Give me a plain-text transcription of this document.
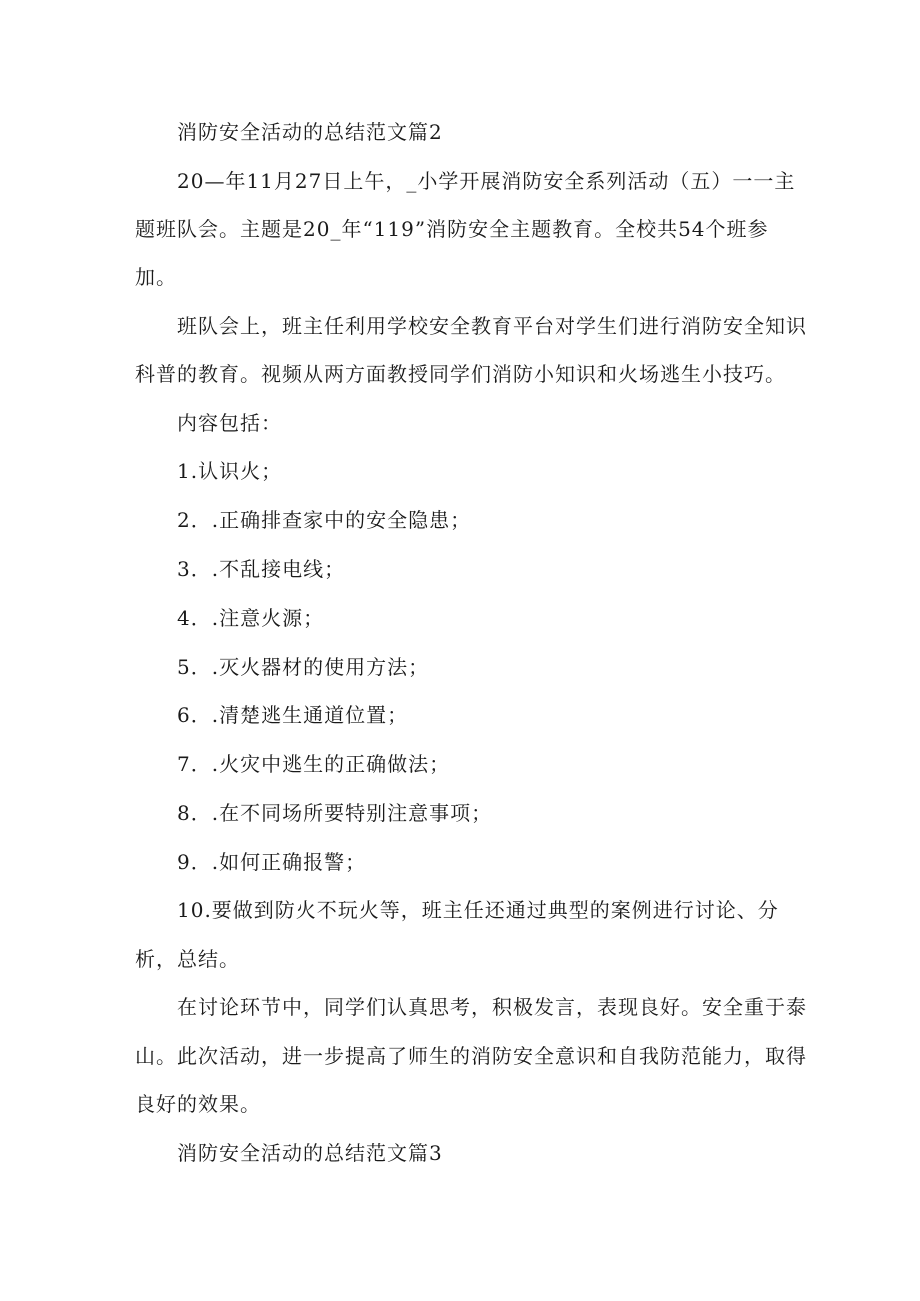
消防安全活动的总结范文篇2

20—年11月27日上午，_小学开展消防安全系列活动（五）一一主

题班队会。主题是20_年“119”消防安全主题教育。全校共54个班参

加。

班队会上，班主任利用学校安全教育平台对学生们进行消防安全知识

科普的教育。视频从两方面教授同学们消防小知识和火场逃生小技巧。

内容包括：

1.认识火；

2．.正确排查家中的安全隐患；

3．.不乱接电线；

4．.注意火源；

5．.灭火器材的使用方法；

6．.清楚逃生通道位置；

7．.火灾中逃生的正确做法；

8．.在不同场所要特别注意事项；

9．.如何正确报警；

10.要做到防火不玩火等，班主任还通过典型的案例进行讨论、分

析，总结。

在讨论环节中，同学们认真思考，积极发言，表现良好。安全重于泰

山。此次活动，进一步提高了师生的消防安全意识和自我防范能力，取得

良好的效果。

消防安全活动的总结范文篇3
